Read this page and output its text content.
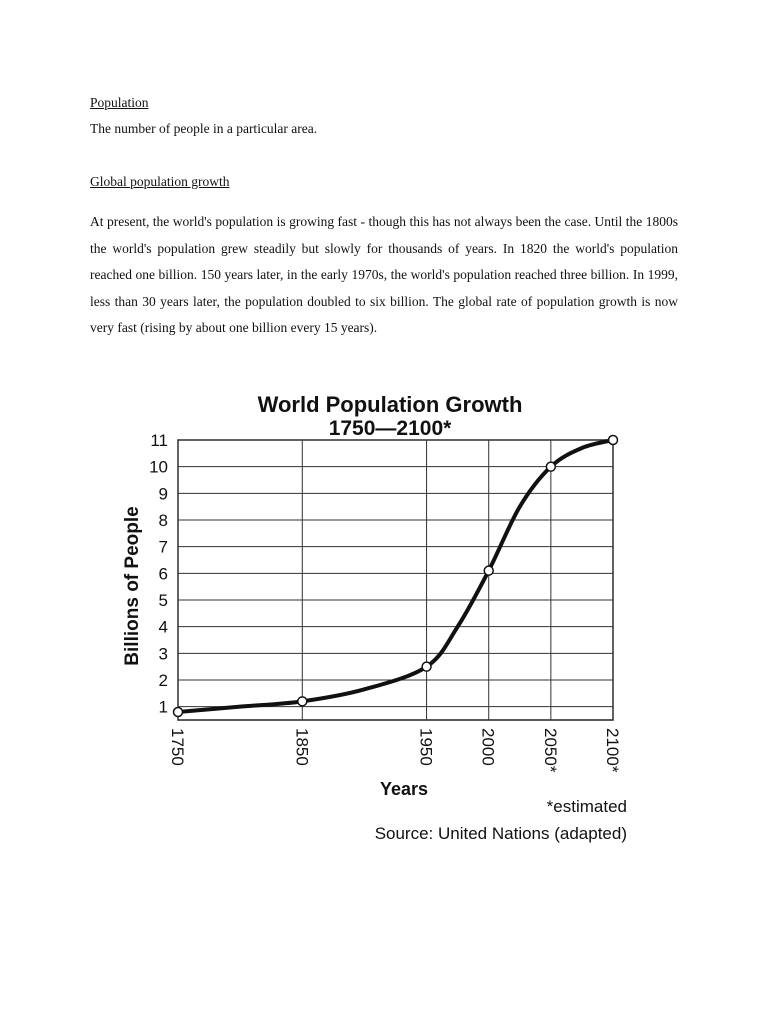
Population
The number of people in a particular area.
Global population growth
At present, the world's population is growing fast - though this has not always been the case. Until the 1800s the world's population grew steadily but slowly for thousands of years. In 1820 the world's population reached one billion. 150 years later, in the early 1970s, the world's population reached three billion. In 1999, less than 30 years later, the population doubled to six billion. The global rate of population growth is now very fast (rising by about one billion every 15 years).
World Population Growth
1750—2100*
1
2
3
4
5
6
7
8
9
10
11
1750	1850	1950	2000	2050*	2100*
Billions of People
Years
*estimated
Source: United Nations (adapted)
